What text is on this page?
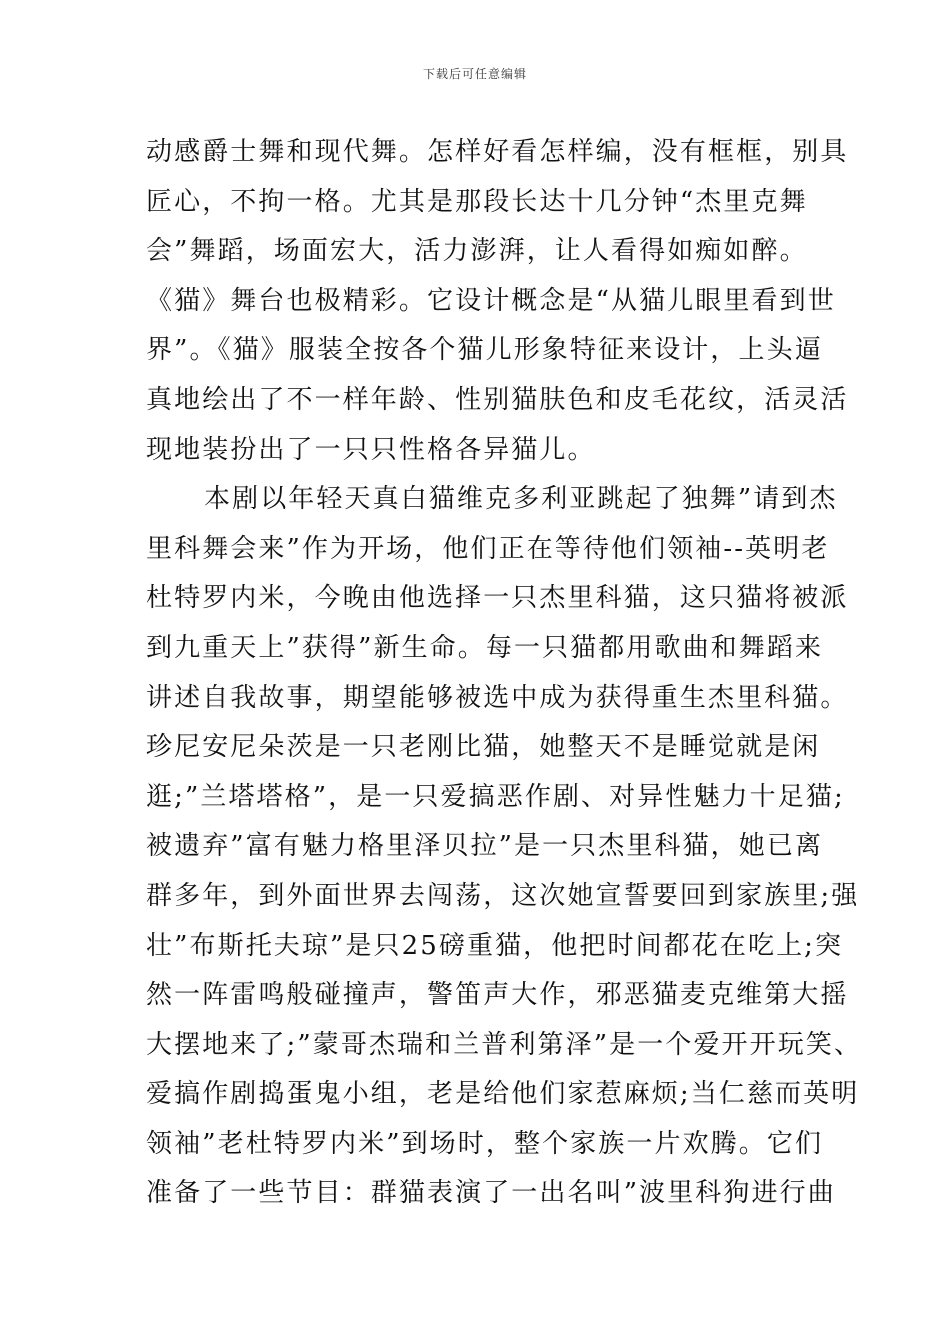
下载后可任意编辑
动感爵士舞和现代舞。怎样好看怎样编，没有框框，别具
匠心，不拘一格。尤其是那段长达十几分钟“杰里克舞
会”舞蹈，场面宏大，活力澎湃，让人看得如痴如醉。
《猫》舞台也极精彩。它设计概念是“从猫儿眼里看到世
界”。《猫》服装全按各个猫儿形象特征来设计，上头逼
真地绘出了不一样年龄、性别猫肤色和皮毛花纹，活灵活
现地装扮出了一只只性格各异猫儿。
本剧以年轻天真白猫维克多利亚跳起了独舞”请到杰
里科舞会来”作为开场，他们正在等待他们领袖--英明老
杜特罗内米，今晚由他选择一只杰里科猫，这只猫将被派
到九重天上”获得”新生命。每一只猫都用歌曲和舞蹈来
讲述自我故事，期望能够被选中成为获得重生杰里科猫。
珍尼安尼朵茨是一只老刚比猫，她整天不是睡觉就是闲
逛;”兰塔塔格”，是一只爱搞恶作剧、对异性魅力十足猫;
被遗弃”富有魅力格里泽贝拉”是一只杰里科猫，她已离
群多年，到外面世界去闯荡，这次她宣誓要回到家族里;强
壮”布斯托夫琼”是只25磅重猫，他把时间都花在吃上;突
然一阵雷鸣般碰撞声，警笛声大作，邪恶猫麦克维第大摇
大摆地来了;”蒙哥杰瑞和兰普利第泽”是一个爱开开玩笑、
爱搞作剧捣蛋鬼小组，老是给他们家惹麻烦;当仁慈而英明
领袖”老杜特罗内米”到场时，整个家族一片欢腾。它们
准备了一些节目：群猫表演了一出名叫”波里科狗进行曲
